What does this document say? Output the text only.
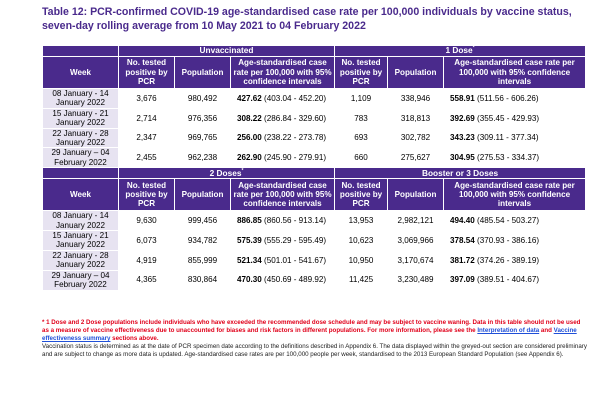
Table 12: PCR-confirmed COVID-19 age-standardised case rate per 100,000 individuals by vaccine status, seven-day rolling average from 10 May 2021 to 04 February 2022
	Unvaccinated			1 Dose*
Week	No. tested positive by PCR	Population	Age-standardised case rate per 100,000 with 95% confidence intervals	No. tested positive by PCR	Population	Age-standardised case rate per 100,000 with 95% confidence intervals
08 January - 14 January 2022	3,676	980,492	427.62 (403.04 - 452.20)	1,109	338,946	558.91 (511.56 - 606.26)
15 January - 21 January 2022	2,714	976,356	308.22 (286.84 - 329.60)	783	318,813	392.69 (355.45 - 429.93)
22 January - 28 January 2022	2,347	969,765	256.00 (238.22 - 273.78)	693	302,782	343.23 (309.11 - 377.34)
29 January – 04 February 2022	2,455	962,238	262.90 (245.90 - 279.91)	660	275,627	304.95 (275.53 - 334.37)
	2 Doses*			Booster or 3 Doses		
Week	No. tested positive by PCR	Population	Age-standardised case rate per 100,000 with 95% confidence intervals	No. tested positive by PCR	Population	Age-standardised case rate per 100,000 with 95% confidence intervals
08 January - 14 January 2022	9,630	999,456	886.85 (860.56 - 913.14)	13,953	2,982,121	494.40 (485.54 - 503.27)
15 January - 21 January 2022	6,073	934,782	575.39 (555.29 - 595.49)	10,623	3,069,966	378.54 (370.93 - 386.16)
22 January - 28 January 2022	4,919	855,999	521.34 (501.01 - 541.67)	10,950	3,170,674	381.72 (374.26 - 389.19)
29 January – 04 February 2022	4,365	830,864	470.30 (450.69 - 489.92)	11,425	3,230,489	397.09 (389.51 - 404.67)
* 1 Dose and 2 Dose populations include individuals who have exceeded the recommended dose schedule and may be subject to vaccine waning. Data in this table should not be used as a measure of vaccine effectiveness due to unaccounted for biases and risk factors in different populations. For more information, please see the Interpretation of data and Vaccine effectiveness summary sections above.
Vaccination status is determined as at the date of PCR specimen date according to the definitions described in Appendix 6. The data displayed within the greyed-out section are considered preliminary and are subject to change as more data is updated. Age-standardised case rates are per 100,000 people per week, standardised to the 2013 European Standard Population (see Appendix 6).
